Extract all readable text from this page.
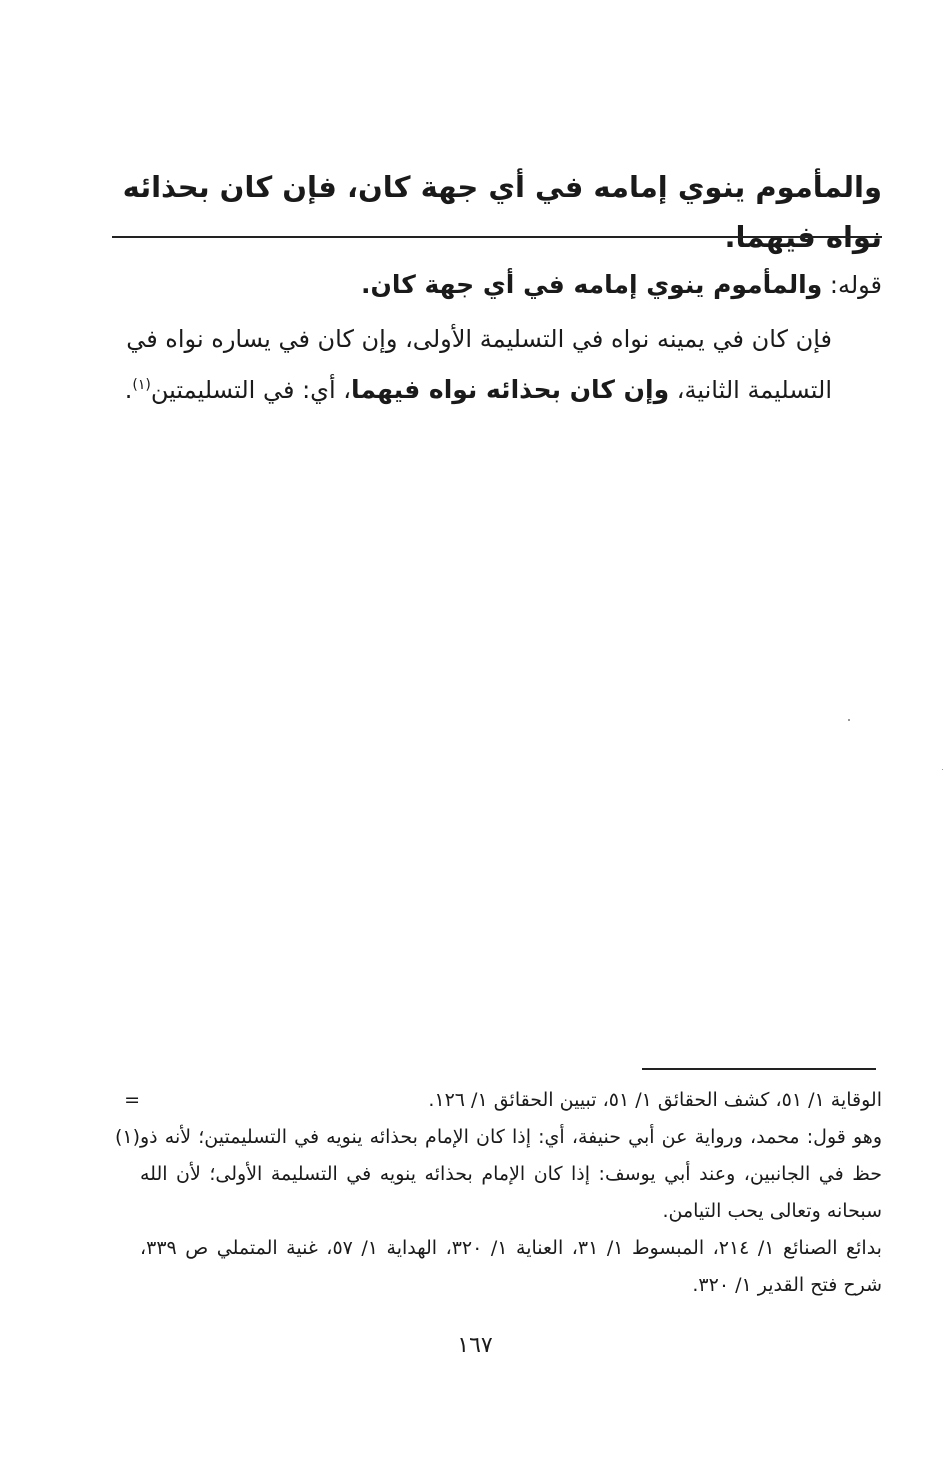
والمأموم ينوي إمامه في أي جهة كان، فإن كان بحذائه نواه فيهما.

قوله: والمأموم ينوي إمامه في أي جهة كان.

فإن كان في يمينه نواه في التسليمة الأولى، وإن كان في يساره نواه في التسليمة الثانية، وإن كان بحذائه نواه فيهما، أي: في التسليمتين$^{(١)}$.

=	الوقاية ١/ ٥١، كشف الحقائق ١/ ٥١، تبيين الحقائق ١/ ١٢٦.
(١) وهو قول: محمد، ورواية عن أبي حنيفة، أي: إذا كان الإمام بحذائه ينويه في التسليمتين؛ لأنه ذو حظ في الجانبين، وعند أبي يوسف: إذا كان الإمام بحذائه ينويه في التسليمة الأولى؛ لأن الله سبحانه وتعالى يحب التيامن.
بدائع الصنائع ١/ ٢١٤، المبسوط ١/ ٣١، العناية ١/ ٣٢٠، الهداية ١/ ٥٧، غنية المتملي ص ٣٣٩، شرح فتح القدير ١/ ٣٢٠.
١٦٧
